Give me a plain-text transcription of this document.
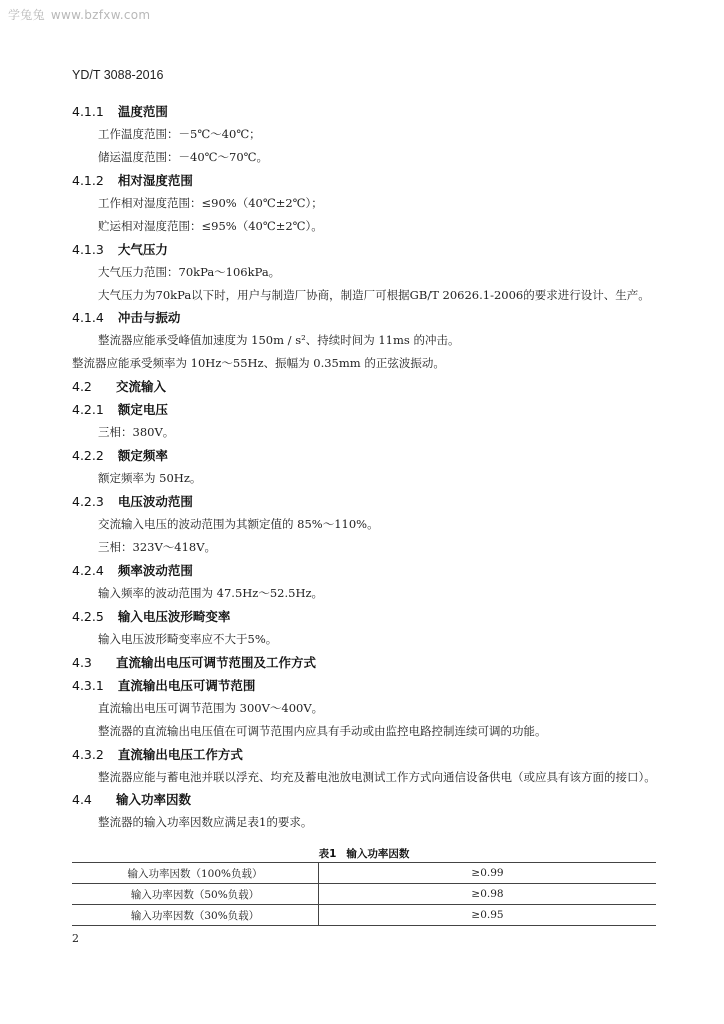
学兔兔 www.bzfxw.com
YD/T 3088-2016
4.1.1 温度范围
工作温度范围：－5℃～40℃；
储运温度范围：－40℃～70℃。
4.1.2 相对湿度范围
工作相对湿度范围：≤90%（40℃±2℃）；
贮运相对湿度范围：≤95%（40℃±2℃）。
4.1.3 大气压力
大气压力范围：70kPa～106kPa。
大气压力为70kPa以下时，用户与制造厂协商，制造厂可根据GB/T 20626.1-2006的要求进行设计、生产。
4.1.4 冲击与振动
整流器应能承受峰值加速度为 150m / s²、持续时间为 11ms 的冲击。
整流器应能承受频率为 10Hz～55Hz、振幅为 0.35mm 的正弦波振动。
4.2 交流输入
4.2.1 额定电压
三相：380V。
4.2.2 额定频率
额定频率为 50Hz。
4.2.3 电压波动范围
交流输入电压的波动范围为其额定值的 85%～110%。
三相：323V～418V。
4.2.4 频率波动范围
输入频率的波动范围为 47.5Hz～52.5Hz。
4.2.5 输入电压波形畸变率
输入电压波形畸变率应不大于5%。
4.3 直流输出电压可调节范围及工作方式
4.3.1 直流输出电压可调节范围
直流输出电压可调节范围为 300V～400V。
整流器的直流输出电压值在可调节范围内应具有手动或由监控电路控制连续可调的功能。
4.3.2 直流输出电压工作方式
整流器应能与蓄电池并联以浮充、均充及蓄电池放电测试工作方式向通信设备供电（或应具有该方面的接口）。
4.4 输入功率因数
整流器的输入功率因数应满足表1的要求。
表1 输入功率因数
输入功率因数（100%负载）	≥0.99
输入功率因数（50%负载）	≥0.98
输入功率因数（30%负载）	≥0.95
2
